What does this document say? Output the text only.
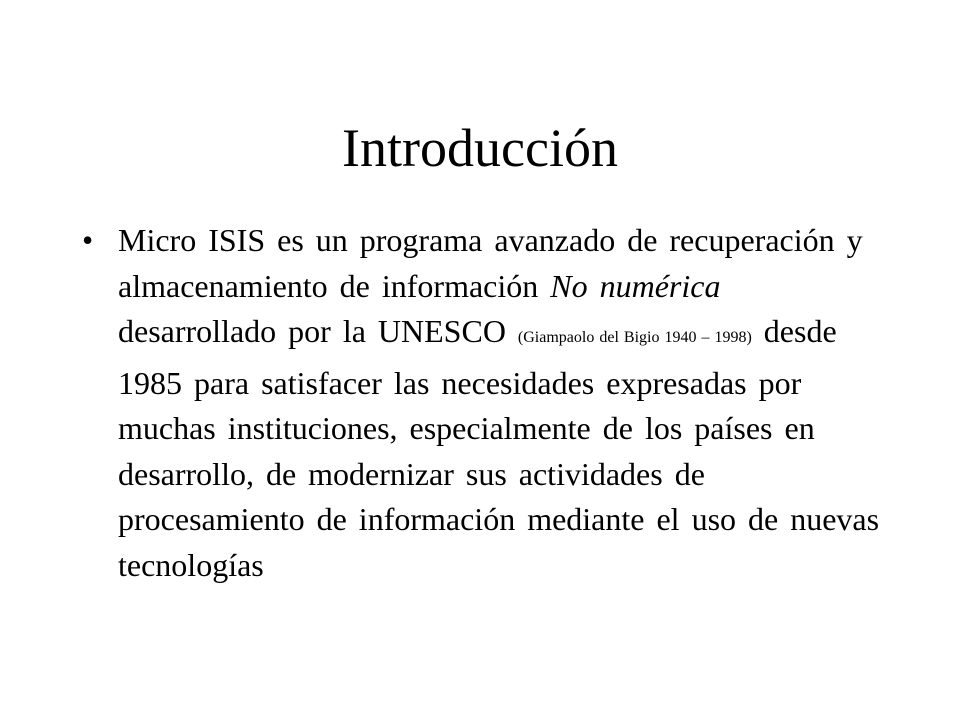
Introducción
• Micro ISIS es un programa avanzado de recuperación y almacenamiento de información No numérica desarrollado por la UNESCO (Giampaolo del Bigio 1940 – 1998) desde 1985 para satisfacer las necesidades expresadas por muchas instituciones, especialmente de los países en desarrollo, de modernizar sus actividades de procesamiento de información mediante el uso de nuevas tecnologías
